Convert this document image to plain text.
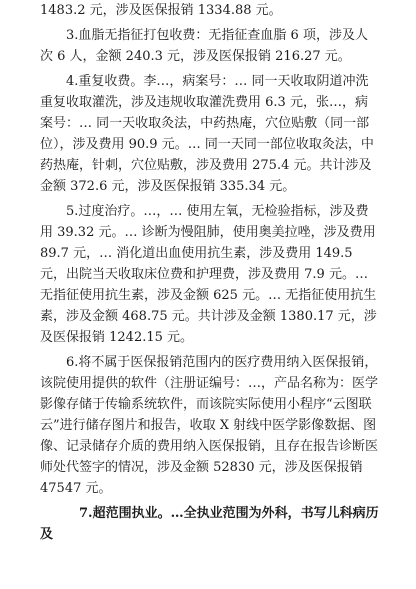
1483.2 元，涉及医保报销 1334.88 元。

3.血脂无指征打包收费：无指征查血脂 6 项，涉及人次 6 人，金额 240.3 元，涉及医保报销 216.27 元。

4.重复收费。李…，病案号：… 同一天收取阴道冲洗重复收取灌洗，涉及违规收取灌洗费用 6.3 元，张…，病案号：… 同一天收取灸法，中药热庵，穴位贴敷（同一部位），涉及费用 90.9 元。… 同一天同一部位收取灸法，中药热庵，针刺，穴位贴敷，涉及费用 275.4 元。共计涉及金额 372.6 元，涉及医保报销 335.34 元。

5.过度治疗。…，… 使用左氧，无检验指标，涉及费用 39.32 元。… 诊断为慢阻肺，使用奥美拉唑，涉及费用 89.7 元，… 消化道出血使用抗生素，涉及费用 149.5 元，出院当天收取床位费和护理费，涉及费用 7.9 元。… 无指征使用抗生素，涉及金额 625 元。… 无指征使用抗生素，涉及金额 468.75 元。共计涉及金额 1380.17 元，涉及医保报销 1242.15 元。

6.将不属于医保报销范围内的医疗费用纳入医保报销，该院使用提供的软件（注册证编号：…，产品名称为：医学影像存储于传输系统软件，而该院实际使用小程序“云图联云”进行储存图片和报告，收取 X 射线中医学影像数据、图像、记录储存介质的费用纳入医保报销，且存在报告诊断医师处代签字的情况，涉及金额 52830 元，涉及医保报销 47547 元。

7.超范围执业。…全执业范围为外科，书写儿科病历及
